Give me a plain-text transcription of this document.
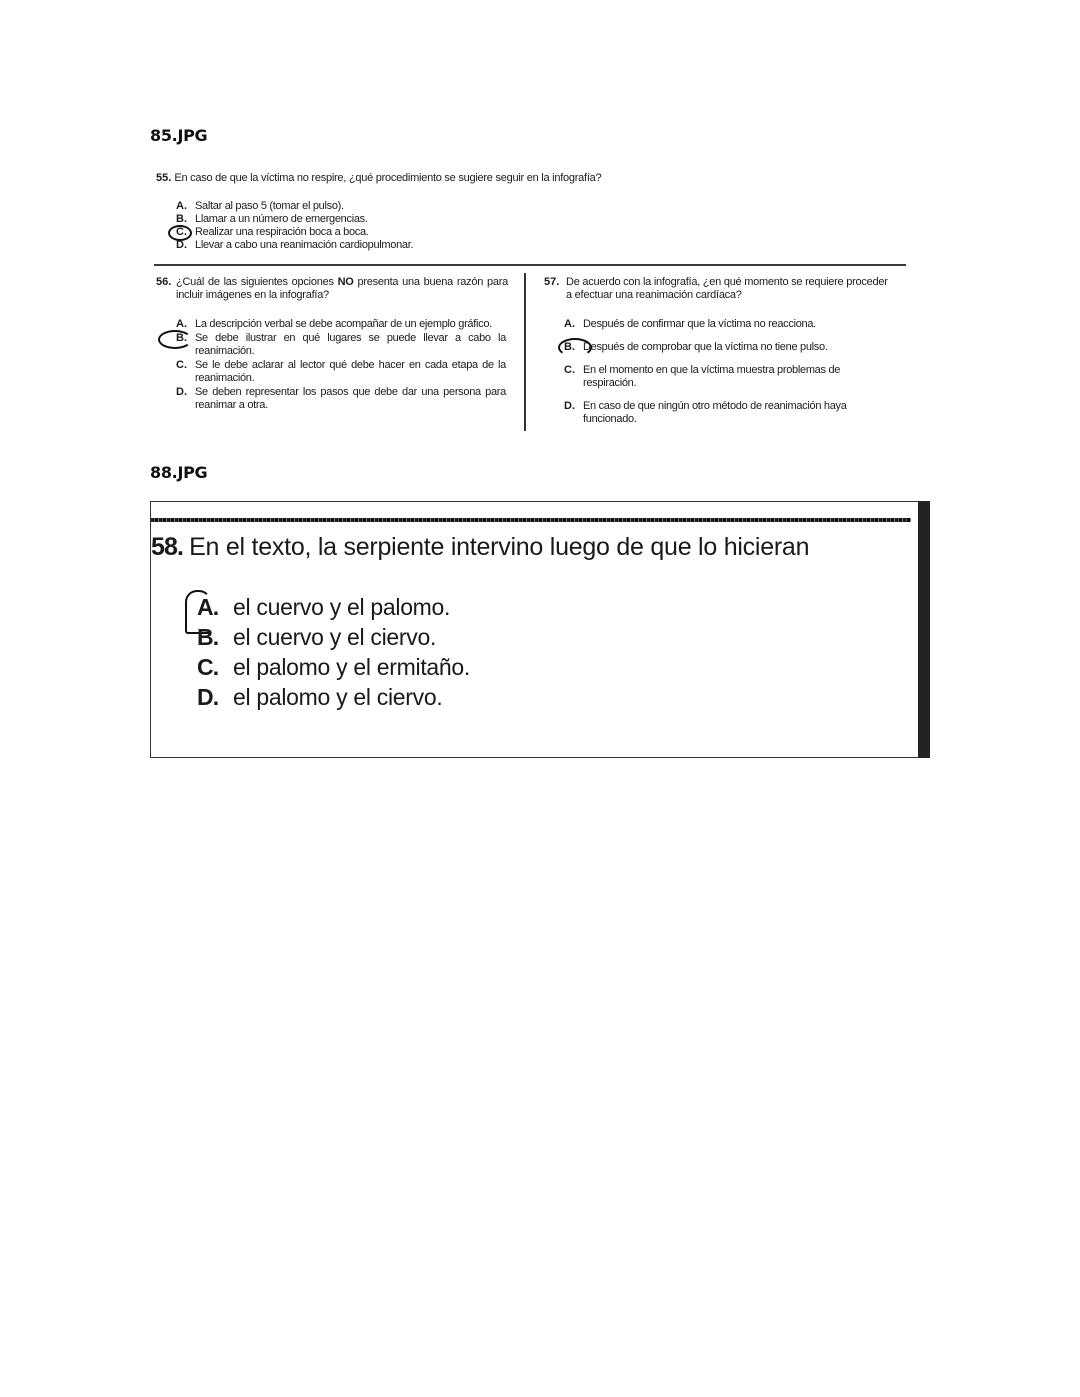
85.JPG
55. En caso de que la víctima no respire, ¿qué procedimiento se sugiere seguir en la infografía?
A. Saltar al paso 5 (tomar el pulso).
B. Llamar a un número de emergencias.
C. Realizar una respiración boca a boca.
D. Llevar a cabo una reanimación cardiopulmonar.
56. ¿Cuál de las siguientes opciones NO presenta una buena razón para incluir imágenes en la infografía?
A. La descripción verbal se debe acompañar de un ejemplo gráfico.
B. Se debe ilustrar en qué lugares se puede llevar a cabo la reanimación.
C. Se le debe aclarar al lector qué debe hacer en cada etapa de la reanimación.
D. Se deben representar los pasos que debe dar una persona para reanimar a otra.
57. De acuerdo con la infografía, ¿en qué momento se requiere proceder a efectuar una reanimación cardíaca?
A. Después de confirmar que la víctima no reacciona.
B. Después de comprobar que la víctima no tiene pulso.
C. En el momento en que la víctima muestra problemas de respiración.
D. En caso de que ningún otro método de reanimación haya funcionado.
88.JPG
58. En el texto, la serpiente intervino luego de que lo hicieran
A. el cuervo y el palomo.
B. el cuervo y el ciervo.
C. el palomo y el ermitaño.
D. el palomo y el ciervo.
